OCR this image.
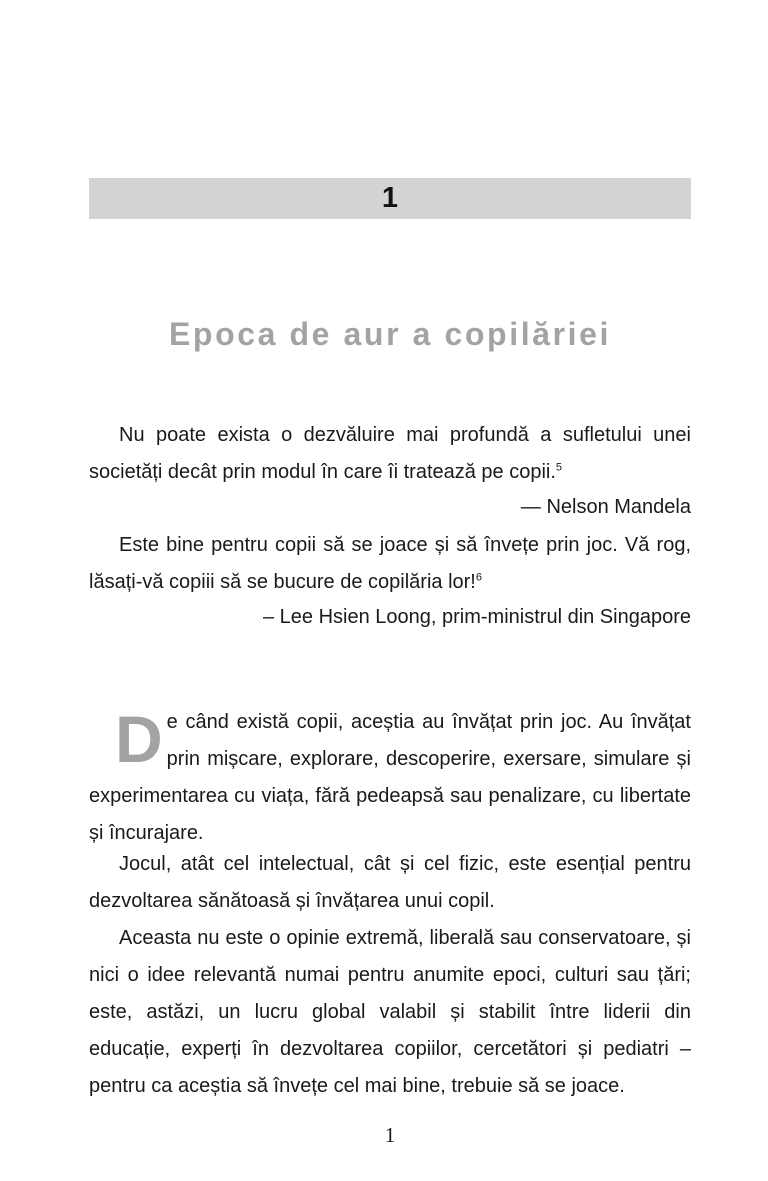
1
Epoca de aur a copilăriei

Nu poate exista o dezvăluire mai profundă a sufletului unei societăți decât prin modul în care îi tratează pe copii.$^5$

— Nelson Mandela

Este bine pentru copii să se joace și să învețe prin joc. Vă rog, lăsați-vă copiii să se bucure de copilăria lor!$^6$

– Lee Hsien Loong, prim-ministrul din Singapore

De când există copii, aceștia au învățat prin joc. Au învățat prin mișcare, explorare, descoperire, exersare, simulare și experimentarea cu viața, fără pedeapsă sau penalizare, cu libertate și încurajare.

Jocul, atât cel intelectual, cât și cel fizic, este esențial pentru dezvoltarea sănătoasă și învățarea unui copil.

Aceasta nu este o opinie extremă, liberală sau conservatoare, și nici o idee relevantă numai pentru anumite epoci, culturi sau țări; este, astăzi, un lucru global valabil și stabilit între liderii din educație, experți în dezvoltarea copiilor, cercetători și pediatri – pentru ca aceștia să învețe cel mai bine, trebuie să se joace.

1
